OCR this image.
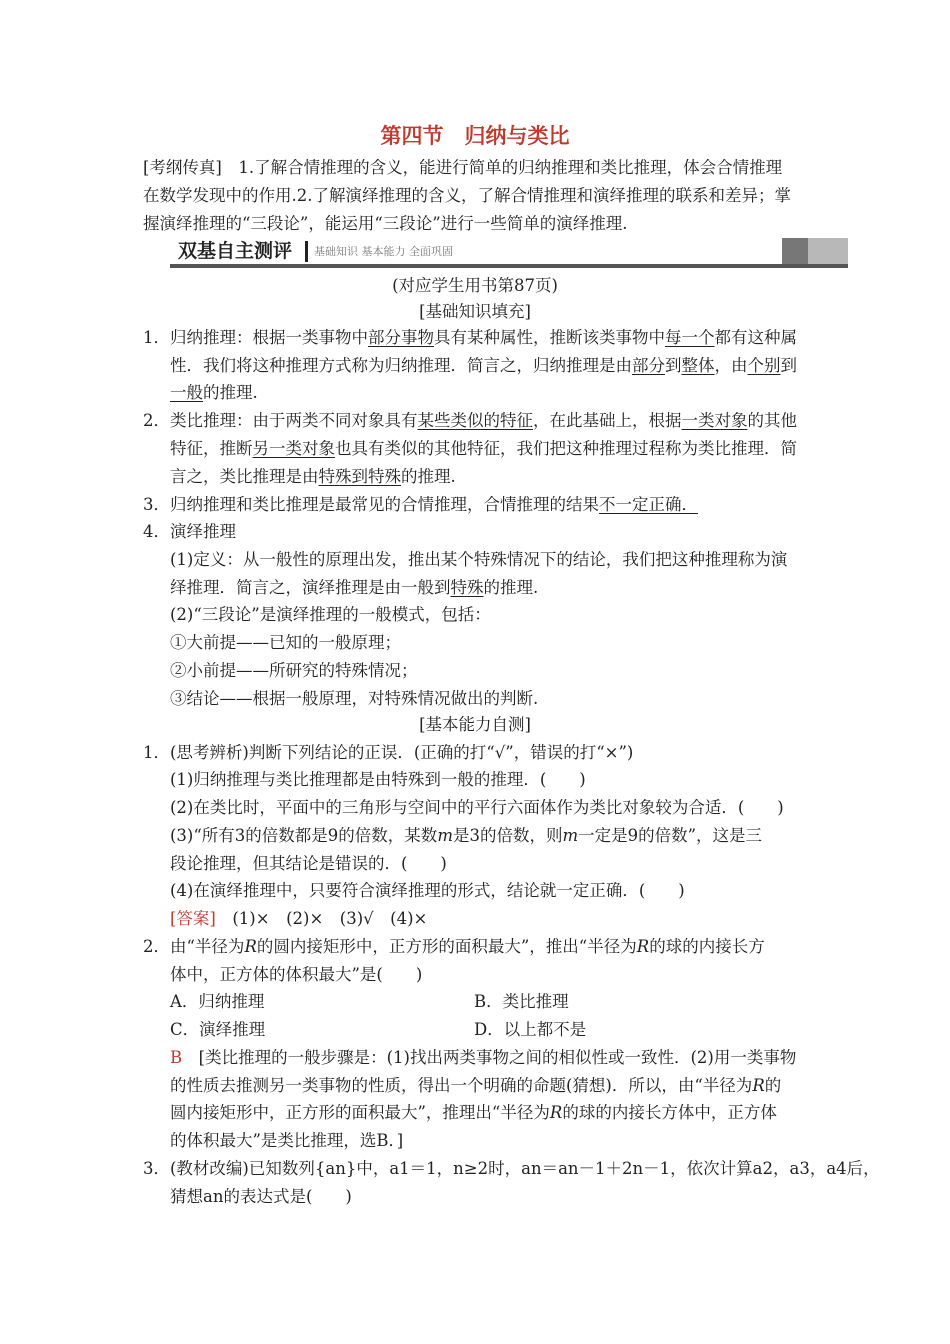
第四节　归纳与类比
[考纲传真]　1.了解合情推理的含义，能进行简单的归纳推理和类比推理，体会合情推理
在数学发现中的作用.2.了解演绎推理的含义，了解合情推理和演绎推理的联系和差异；掌
握演绎推理的“三段论”，能运用“三段论”进行一些简单的演绎推理.
双基自主测评 基础知识 基本能力 全面巩固
(对应学生用书第87页)
[基础知识填充]
1．归纳推理：根据一类事物中部分事物具有某种属性，推断该类事物中每一个都有这种属
性．我们将这种推理方式称为归纳推理．简言之，归纳推理是由部分到整体，由个别到
一般的推理.
2．类比推理：由于两类不同对象具有某些类似的特征，在此基础上，根据一类对象的其他
特征，推断另一类对象也具有类似的其他特征，我们把这种推理过程称为类比推理．简
言之，类比推理是由特殊到特殊的推理.
3．归纳推理和类比推理是最常见的合情推理，合情推理的结果不一定正确．
4．演绎推理
(1)定义：从一般性的原理出发，推出某个特殊情况下的结论，我们把这种推理称为演
绎推理．简言之，演绎推理是由一般到特殊的推理.
(2)“三段论”是演绎推理的一般模式，包括：
①大前提——已知的一般原理；
②小前提——所研究的特殊情况；
③结论——根据一般原理，对特殊情况做出的判断.
[基本能力自测]
1．(思考辨析)判断下列结论的正误．(正确的打“√”，错误的打“×”)
(1)归纳推理与类比推理都是由特殊到一般的推理．(　　)
(2)在类比时，平面中的三角形与空间中的平行六面体作为类比对象较为合适．(　　)
(3)“所有3的倍数都是9的倍数，某数m是3的倍数，则m一定是9的倍数”，这是三
段论推理，但其结论是错误的．(　　)
(4)在演绎推理中，只要符合演绎推理的形式，结论就一定正确．(　　)
[答案]　(1)×　(2)×　(3)√　(4)×
2．由“半径为R的圆内接矩形中，正方形的面积最大”，推出“半径为R的球的内接长方
体中，正方体的体积最大”是(　　)
A．归纳推理	B．类比推理
C．演绎推理	D．以上都不是
B　[类比推理的一般步骤是：(1)找出两类事物之间的相似性或一致性．(2)用一类事物
的性质去推测另一类事物的性质，得出一个明确的命题(猜想)．所以，由“半径为R的
圆内接矩形中，正方形的面积最大”，推理出“半径为R的球的内接长方体中，正方体
的体积最大”是类比推理，选B．]
3．(教材改编)已知数列{an}中，a1＝1，n≥2时，an＝an－1＋2n－1，依次计算a2，a3，a4后，
猜想an的表达式是(　　)
